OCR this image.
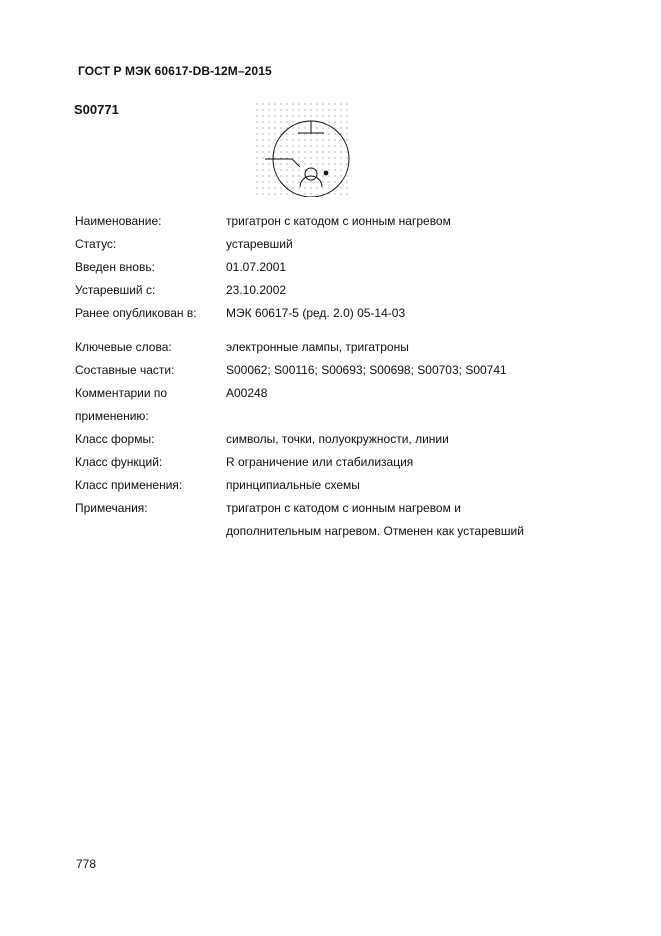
ГОСТ Р МЭК 60617-DB-12M–2015
S00771
Наименование:	тригатрон с катодом с ионным нагревом
Статус:	устаревший
Введен вновь:	01.07.2001
Устаревший с:	23.10.2002
Ранее опубликован в:	МЭК 60617-5 (ред. 2.0) 05-14-03
Ключевые слова:	электронные лампы, тригатроны
Составные части:	S00062; S00116; S00693; S00698; S00703; S00741
Комментарии по	A00248
применению:
Класс формы:	символы, точки, полуокружности, линии
Класс функций:	R ограничение или стабилизация
Класс применения:	принципиальные схемы
Примечания:	тригатрон с катодом с ионным нагревом и
дополнительным нагревом. Отменен как устаревший
778
